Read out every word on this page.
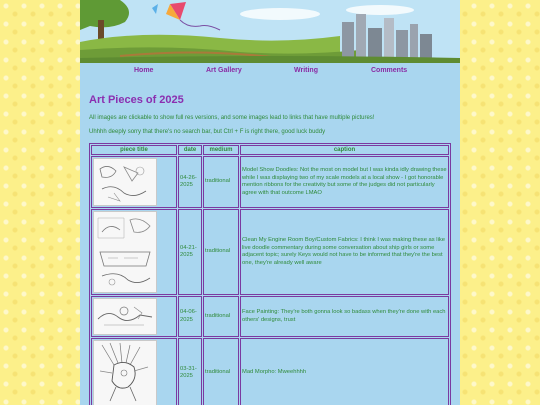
Home	Art Gallery	Writing	Comments
Art Pieces of 2025

All images are clickable to show full res versions, and some images lead to links that have multiple pictures!

Uhhhh deeply sorry that there's no search bar, but Ctrl + F is right there, good luck buddy

piece title	date	medium	caption

	04-26-2025	traditional	Model Show Doodles: Not the most on model but I was kinda idly drawing these while I was displaying two of my scale models at a local show - I got honorable mention ribbons for the creativity but some of the judges did not particularly agree with that outcome LMAO

	04-21-2025	traditional	Clean My Engine Room Boy/Custom Fabrics: I think I was making these as like live doodle commentary during some conversation about ship girls or some adjacent topic; surely Keys would not have to be informed that they're the best one, they're already well aware

	04-06-2025	traditional	Face Painting: They're both gonna look so badass when they're done with each others' designs, trust

	03-31-2025	traditional	Mad Morpho: Mweehhhh
